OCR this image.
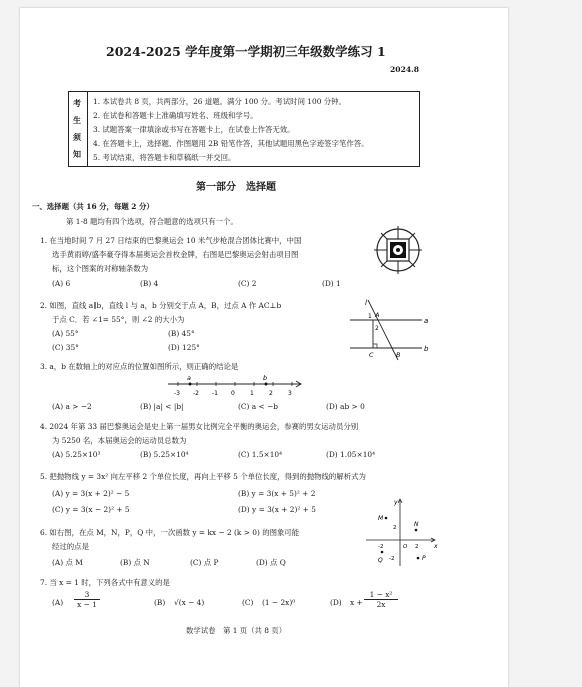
2024-2025 学年度第一学期初三年级数学练习 1
2024.8
考
生
须
知
1. 本试卷共 8 页，共两部分，26 道题。满分 100 分。考试时间 100 分钟。
2. 在试卷和答题卡上准确填写姓名、班级和学号。
3. 试题答案一律填涂或书写在答题卡上，在试卷上作答无效。
4. 在答题卡上，选择题、作图题用 2B 铅笔作答，其他试题用黑色字迹签字笔作答。
5. 考试结束，将答题卡和草稿纸一并交回。
第一部分　选择题
一、选择题（共 16 分，每题 2 分）
第 1-8 题均有四个选项，符合题意的选项只有一个。
1. 在当地时间 7 月 27 日结束的巴黎奥运会 10 米气步枪混合团体比赛中，中国
选手黄雨婷/盛李豪夺得本届奥运会首枚金牌，右图是巴黎奥运会射击项目图
标，这个图案的对称轴条数为
(A) 6	(B) 4	(C) 2	(D) 1
2. 如图，直线 a∥b，直线 l 与 a，b 分别交于点 A，B，过点 A 作 AC⊥b
于点 C．若 ∠1= 55°，则 ∠2 的大小为
(A) 55°	(B) 45°
(C) 35°	(D) 125°
l
a
b
A
B
C
1
2
3. a，b 在数轴上的对应点的位置如图所示，则正确的结论是
-3 -2 -1 0	1	2	3
a	b
(A) a > −2	(B) |a| < |b|	(C) a < −b	(D) ab > 0
4. 2024 年第 33 届巴黎奥运会是史上第一届男女比例完全平衡的奥运会，参赛的男女运动员分别
为 5250 名，本届奥运会的运动员总数为
(A) 5.25×10³	(B) 5.25×10⁴	(C) 1.5×10⁴	(D) 1.05×10⁴
5. 把抛物线 y = 3x² 向左平移 2 个单位长度，再向上平移 5 个单位长度，得到的抛物线的解析式为
(A) y = 3(x + 2)² − 5	(B) y = 3(x + 5)² + 2
(C) y = 3(x − 2)² + 5	(D) y = 3(x + 2)² + 5
6. 如右图，在点 M，N，P，Q 中，一次函数 y = kx − 2 (k > 0) 的图象可能
经过的点是
(A) 点 M	(B) 点 N	(C) 点 P	(D) 点 Q
y
x
M
N
P
Q
2
-2	O 2
-2
7. 当 x = 1 时，下列各式中有意义的是
$(A) \frac{3}{x - 1}$	(B) √(x − 4)	(C) (1 − 2x)⁰	(D) $x + \frac{\text{1 − x²}}{2x}$
数学试卷　第 1 页（共 8 页）
